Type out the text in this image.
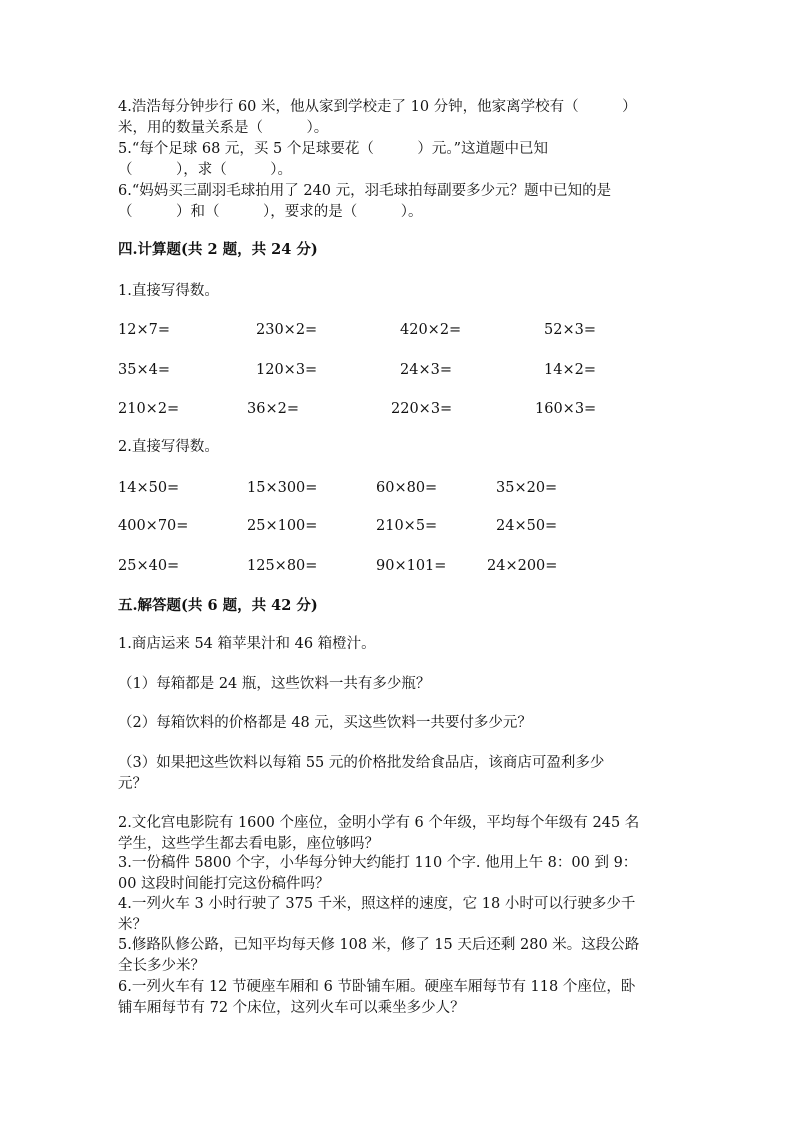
4.浩浩每分钟步行 60 米，他从家到学校走了 10 分钟，他家离学校有（　　　）
米，用的数量关系是（　　　）。
5.“每个足球 68 元，买 5 个足球要花（　　　）元。”这道题中已知
（　　　），求（　　　）。
6.“妈妈买三副羽毛球拍用了 240 元，羽毛球拍每副要多少元？题中已知的是
（　　　）和（　　　），要求的是（　　　）。
四.计算题(共 2 题，共 24 分)
1.直接写得数。
12×7=	230×2=	420×2=	52×3=
35×4=	120×3=	24×3=	14×2=
210×2=	36×2=	220×3=	160×3=
2.直接写得数。
14×50=	15×300=	60×80=	35×20=
400×70=	25×100=	210×5=	24×50=
25×40=	125×80=	90×101=	24×200=
五.解答题(共 6 题，共 42 分)
1.商店运来 54 箱苹果汁和 46 箱橙汁。
（1）每箱都是 24 瓶，这些饮料一共有多少瓶？
（2）每箱饮料的价格都是 48 元，买这些饮料一共要付多少元？
（3）如果把这些饮料以每箱 55 元的价格批发给食品店，该商店可盈利多少
元？
2.文化宫电影院有 1600 个座位，金明小学有 6 个年级，平均每个年级有 245 名
学生，这些学生都去看电影，座位够吗？
3.一份稿件 5800 个字，小华每分钟大约能打 110 个字. 他用上午 8：00 到 9：
00 这段时间能打完这份稿件吗？
4.一列火车 3 小时行驶了 375 千米，照这样的速度，它 18 小时可以行驶多少千
米？
5.修路队修公路，已知平均每天修 108 米，修了 15 天后还剩 280 米。这段公路
全长多少米？
6.一列火车有 12 节硬座车厢和 6 节卧铺车厢。硬座车厢每节有 118 个座位，卧
铺车厢每节有 72 个床位，这列火车可以乘坐多少人？
